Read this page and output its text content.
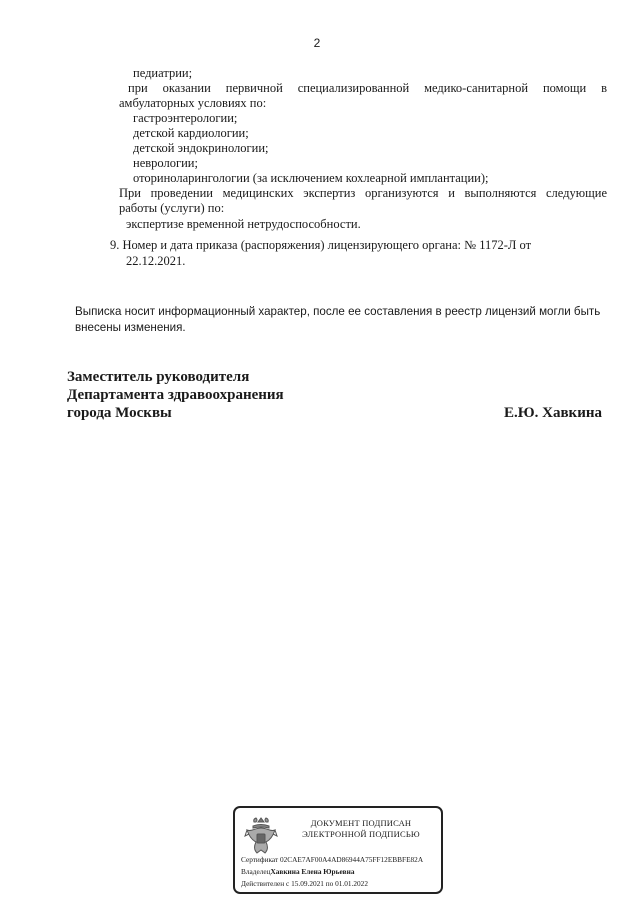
2
педиатрии;
при оказании первичной специализированной медико-санитарной помощи в
амбулаторных условиях по:
гастроэнтерологии;
детской кардиологии;
детской эндокринологии;
неврологии;
оториноларингологии (за исключением кохлеарной имплантации);
При проведении медицинских экспертиз организуются и выполняются следующие
работы (услуги) по:
экспертизе временной нетрудоспособности.
9. Номер и дата приказа (распоряжения) лицензирующего органа: № 1172-Л от
22.12.2021.
Выписка носит информационный характер, после ее составления в реестр лицензий могли быть
внесены изменения.
Заместитель руководителя
Департамента здравоохранения
города Москвы	Е.Ю. Хавкина
ДОКУМЕНТ ПОДПИСАН
ЭЛЕКТРОННОЙ ПОДПИСЬЮ
Сертификат 02CAE7AF00A4AD86944A75FF12EBBFE82A
ВладелецХавкина Елена Юрьевна
Действителен с 15.09.2021 по 01.01.2022
